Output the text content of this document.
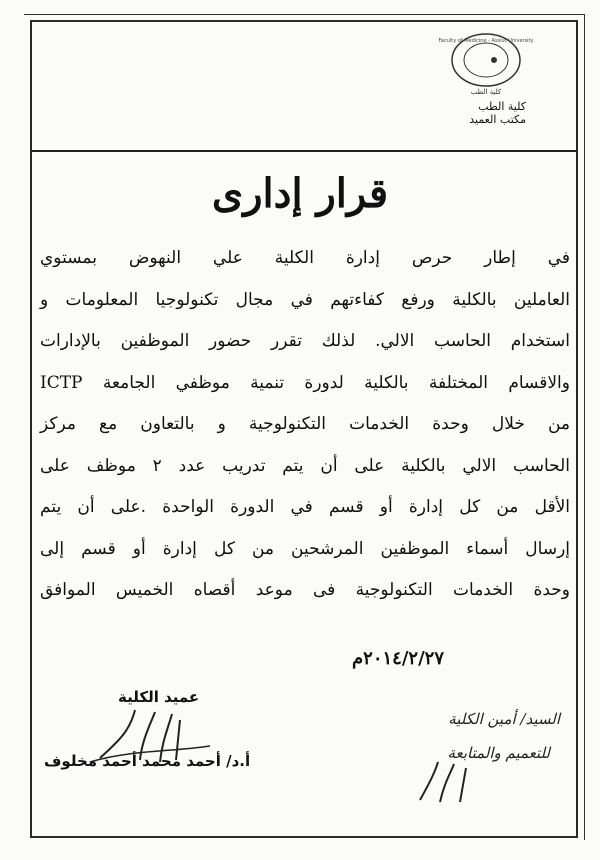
Faculty of Medicine - Assiut University
كلية الطب
كلية الطب
مكتب العميد
قرار إدارى
في إطار حرص إدارة الكلية علي النهوض بمستوي
العاملين بالكلية ورفع كفاءتهم في مجال تكنولوجيا المعلومات و
استخدام الحاسب الالي. لذلك تقرر حضور الموظفين بالإدارات
والاقسام المختلفة بالكلية لدورة تنمية موظفي الجامعة ICTP
من خلال وحدة الخدمات التكنولوجية و بالتعاون مع مركز
الحاسب الالي بالكلية على أن يتم تدريب عدد ٢ موظف على
الأقل من كل إدارة أو قسم في الدورة الواحدة .على أن يتم
إرسال أسماء الموظفين المرشحين من كل إدارة أو قسم إلى
وحدة الخدمات التكنولوجية فى موعد أقصاه الخميس الموافق
٢٠١٤/٢/٢٧م
عميد الكلية
أ.د/ أحمد محمد أحمد مخلوف
السيد/ أمين الكلية
للتعميم والمتابعة
